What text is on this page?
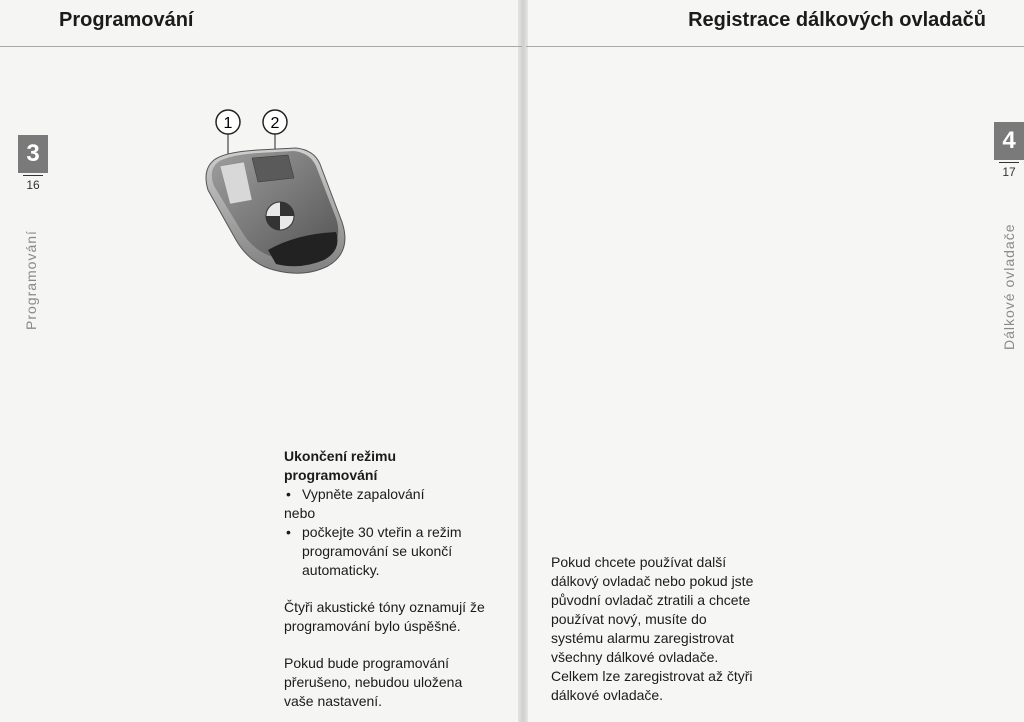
Programování	Registrace dálkových ovladačů
3
16
Programování
4
17
Dálkové ovladače
1 2

Ukončení režimu programování

• Vypněte zapalování

nebo

• počkejte 30 vteřin a režim programování se ukončí automaticky.

Čtyři akustické tóny oznamují že programování bylo úspěšné.

Pokud bude programování přerušeno, nebudou uložena vaše nastavení.

Pokud chcete používat další dálkový ovladač nebo pokud jste původní ovladač ztratili a chcete používat nový, musíte do systému alarmu zaregistrovat všechny dálkové ovladače. Celkem lze zaregistrovat až čtyři dálkové ovladače.
